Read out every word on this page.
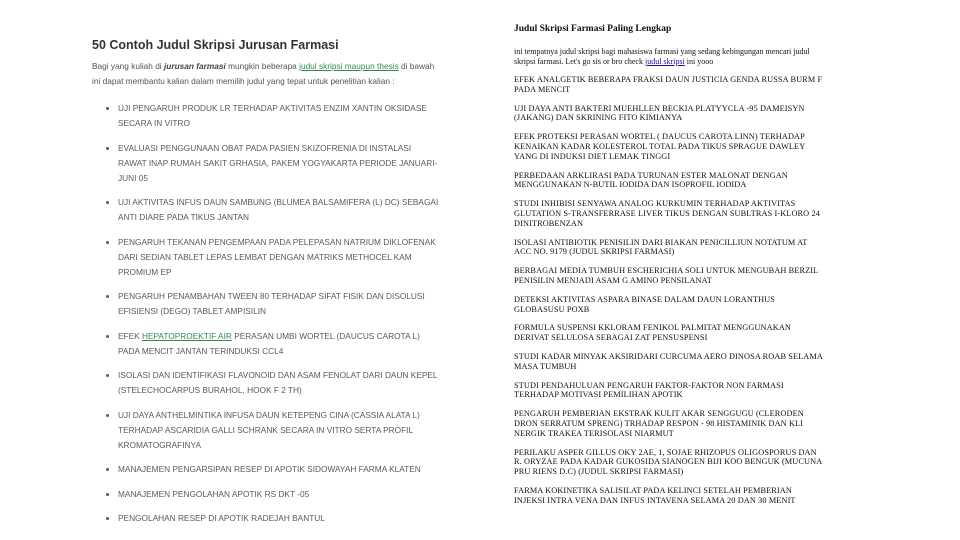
50 Contoh Judul Skripsi Jurusan Farmasi

Bagi yang kuliah di jurusan farmasi mungkin beberapa judul skripsi maupun thesis di bawah ini dapat membantu kalian dalam memilih judul yang tepat untuk penelitian kalian :

• UJI PENGARUH PRODUK LR TERHADAP AKTIVITAS ENZIM XANTIN OKSIDASE SECARA IN VITRO
• EVALUASI PENGGUNAAN OBAT PADA PASIEN SKIZOFRENIA DI INSTALASI RAWAT INAP RUMAH SAKIT GRHASIA, PAKEM YOGYAKARTA PERIODE JANUARI-JUNI 05
• UJI AKTIVITAS INFUS DAUN SAMBUNG (BLUMEA BALSAMIFERA (L) DC) SEBAGAI ANTI DIARE PADA TIKUS JANTAN
• PENGARUH TEKANAN PENGEMPAAN PADA PELEPASAN NATRIUM DIKLOFENAK DARI SEDIAN TABLET LEPAS LEMBAT DENGAN MATRIKS METHOCEL KAM PROMIUM EP
• PENGARUH PENAMBAHAN TWEEN 80 TERHADAP SIFAT FISIK DAN DISOLUSI EFISIENSI (DEGO) TABLET AMPISILIN
• EFEK HEPATOPROEKTIF AIR PERASAN UMBI WORTEL (DAUCUS CAROTA L) PADA MENCIT JANTAN TERINDUKSI CCL4
• ISOLASI DAN IDENTIFIKASI FLAVONOID DAN ASAM FENOLAT DARI DAUN KEPEL (STELECHOCARPUS BURAHOL, HOOK F 2 TH)
• UJI DAYA ANTHELMINTIKA INFUSA DAUN KETEPENG CINA (CASSIA ALATA L) TERHADAP ASCARIDIA GALLI SCHRANK SECARA IN VITRO SERTA PROFIL KROMATOGRAFINYA
• MANAJEMEN PENGARSIPAN RESEP DI APOTIK SIDOWAYAH FARMA KLATEN
• MANAJEMEN PENGOLAHAN APOTIK RS DKT -05
• PENGOLAHAN RESEP DI APOTIK RADEJAH BANTUL
Judul Skripsi Farmasi Paling Lengkap

ini tempatnya judul skripsi bagi mahasiswa farmasi yang sedang kebingungan mencari judul skripsi farmasi. Let's go sis or bro check judul skripsi ini yooo

EFEK ANALGETIK BEBERAPA FRAKSI DAUN JUSTICIA GENDA RUSSA BURM F PADA MENCIT
UJI DAYA ANTI BAKTERI MUEHLLEN BECKIA PLATYYCLA -95 DAMEISYN (JAKANG) DAN SKRINING FITO KIMIANYA
EFEK PROTEKSI PERASAN WORTEL ( DAUCUS CAROTA LINN) TERHADAP KENAIKAN KADAR KOLESTEROL TOTAL PADA TIKUS SPRAGUE DAWLEY YANG DI INDUKSI DIET LEMAK TINGGI
PERBEDAAN ARKLIRASI PADA TURUNAN ESTER MALONAT DENGAN MENGGUNAKAN N-BUTIL IODIDA DAN ISOPROFIL IODIDA
STUDI INHIBISI SENYAWA ANALOG KURKUMIN TERHADAP AKTIVITAS GLUTATION S-TRANSFERRASE LIVER TIKUS DENGAN SUBLTRAS I-KLORO 24 DINITROBENZAN
ISOLASI ANTIBIOTIK PENISILIN DARI BIAKAN PENICILLIUN NOTATUM AT ACC NO. 9179 (JUDUL SKRIPSI FARMASI)
BERBAGAI MEDIA TUMBUH ESCHERICHIA SOLI UNTUK MENGUBAH BERZIL PENISILIN MENJADI ASAM G AMINO PENSILANAT
DETEKSI AKTIVITAS ASPARA BINASE DALAM DAUN LORANTHUS GLOBASUSU POXB
FORMULA SUSPENSI KKLORAM FENIKOL PALMITAT MENGGUNAKAN DERIVAT SELULOSA SEBAGAI ZAT PENSUSPENSI
STUDI KADAR MINYAK AKSIRIDARI CURCUMA AERO DINOSA ROAB SELAMA MASA TUMBUH
STUDI PENDAHULUAN PENGARUH FAKTOR-FAKTOR NON FARMASI TERHADAP MOTIVASI PEMILIHAN APOTIK
PENGARUH PEMBERIAN EKSTRAK KULIT AKAR SENGGUGU (CLERODEN DRON SERRATUM SPRENG) TRHADAP RESPON - 98 HISTAMINIK DAN KLI NERGIK TRAKEA TERISOLASI NIARMUT
PERILAKU ASPER GILLUS OKY 2AE, 1, SOJAE RHIZOPUS OLIGOSPORUS DAN R. ORYZAE PADA KADAR GUKOSIDA SIANOGEN BIJI KOO BENGUK (MUCUNA PRU RIENS D.C) (JUDUL SKRIPSI FARMASI)
FARMA KOKINETIKA SALISILAT PADA KELINCI SETELAH PEMBERIAN INJEKSI INTRA VENA DAN INFUS INTAVENA SELAMA 20 DAN 30 MENIT
